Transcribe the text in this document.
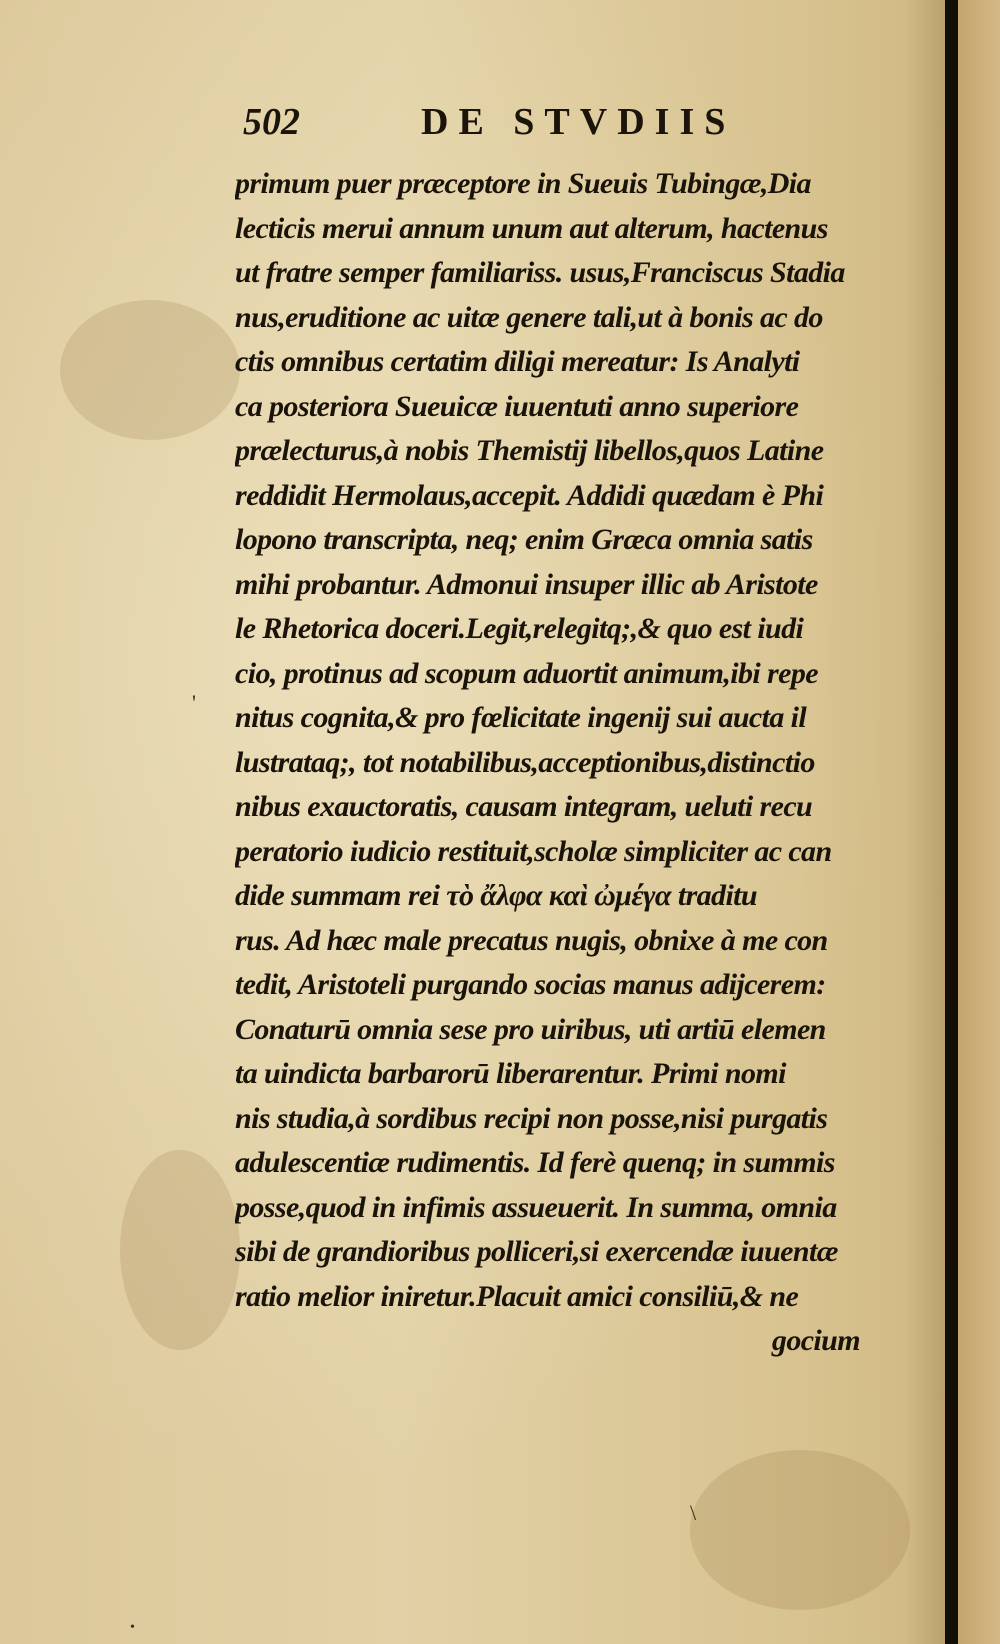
502	DE STVDIIS
primum puer præceptore in Sueuis Tubingæ,Dia
lecticis merui annum unum aut alterum, hactenus
ut fratre semper familiariss. usus,Franciscus Stadia
nus,eruditione ac uitæ genere tali,ut à bonis ac do
ctis omnibus certatim diligi mereatur: Is Analyti
ca posteriora Sueuicæ iuuentuti anno superiore
prælecturus,à nobis Themistij libellos,quos Latine
reddidit Hermolaus,accepit. Addidi quædam è Phi
lopono transcripta, neq; enim Græca omnia satis
mihi probantur. Admonui insuper illic ab Aristote
le Rhetorica doceri.Legit,relegitq;,& quo est iudi
cio, protinus ad scopum aduortit animum,ibi repe
nitus cognita,& pro fœlicitate ingenij sui aucta il
lustrataq;, tot notabilibus,acceptionibus,distinctio
nibus exauctoratis, causam integram, ueluti recu
peratorio iudicio restituit,scholæ simpliciter ac can
dide summam rei τὸ ἄλφα καὶ ὠμέγα traditu
rus. Ad hæc male precatus nugis, obnixe à me con
tedit, Aristoteli purgando socias manus adijcerem:
Conaturū omnia sese pro uiribus, uti artiū elemen
ta uindicta barbarorū liberarentur. Primi nomi
nis studia,à sordibus recipi non posse,nisi purgatis
adulescentiæ rudimentis. Id ferè quenq; in summis
posse,quod in infimis assueuerit. In summa, omnia
sibi de grandioribus polliceri,si exercendæ iuuentæ
ratio melior iniretur.Placuit amici consiliū,& ne
gocium
'
\
•
